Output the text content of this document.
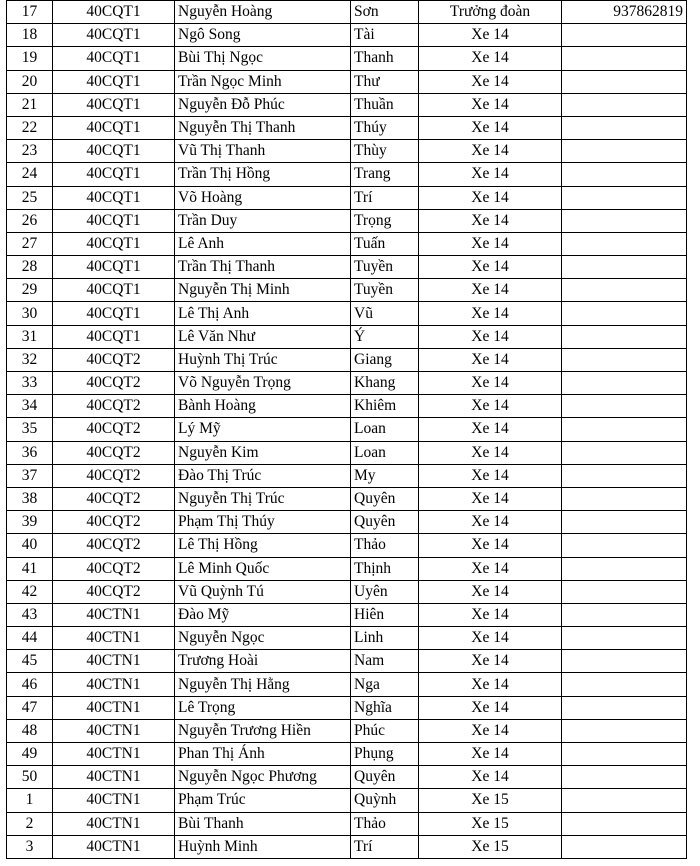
17	40CQT1	Nguyễn Hoàng	Sơn	Trưởng đoàn	937862819
18	40CQT1	Ngô Song	Tài	Xe 14	
19	40CQT1	Bùi Thị Ngọc	Thanh	Xe 14	
20	40CQT1	Trần Ngọc Minh	Thư	Xe 14	
21	40CQT1	Nguyễn Đỗ Phúc	Thuần	Xe 14	
22	40CQT1	Nguyễn Thị Thanh	Thúy	Xe 14	
23	40CQT1	Vũ Thị Thanh	Thùy	Xe 14	
24	40CQT1	Trần Thị Hồng	Trang	Xe 14	
25	40CQT1	Võ Hoàng	Trí	Xe 14	
26	40CQT1	Trần Duy	Trọng	Xe 14	
27	40CQT1	Lê Anh	Tuấn	Xe 14	
28	40CQT1	Trần Thị Thanh	Tuyền	Xe 14	
29	40CQT1	Nguyễn Thị Minh	Tuyền	Xe 14	
30	40CQT1	Lê Thị Anh	Vũ	Xe 14	
31	40CQT1	Lê Văn Như	Ý	Xe 14	
32	40CQT2	Huỳnh Thị Trúc	Giang	Xe 14	
33	40CQT2	Võ Nguyễn Trọng	Khang	Xe 14	
34	40CQT2	Bành Hoàng	Khiêm	Xe 14	
35	40CQT2	Lý Mỹ	Loan	Xe 14	
36	40CQT2	Nguyễn Kim	Loan	Xe 14	
37	40CQT2	Đào Thị Trúc	My	Xe 14	
38	40CQT2	Nguyễn Thị Trúc	Quyên	Xe 14	
39	40CQT2	Phạm Thị Thúy	Quyên	Xe 14	
40	40CQT2	Lê Thị Hồng	Thảo	Xe 14	
41	40CQT2	Lê Minh Quốc	Thịnh	Xe 14	
42	40CQT2	Vũ Quỳnh Tú	Uyên	Xe 14	
43	40CTN1	Đào Mỹ	Hiên	Xe 14	
44	40CTN1	Nguyễn Ngọc	Linh	Xe 14	
45	40CTN1	Trương Hoài	Nam	Xe 14	
46	40CTN1	Nguyễn Thị Hằng	Nga	Xe 14	
47	40CTN1	Lê Trọng	Nghĩa	Xe 14	
48	40CTN1	Nguyễn Trương Hiền	Phúc	Xe 14	
49	40CTN1	Phan Thị Ánh	Phụng	Xe 14	
50	40CTN1	Nguyễn Ngọc Phương	Quyên	Xe 14	
1	40CTN1	Phạm Trúc	Quỳnh	Xe 15	
2	40CTN1	Bùi Thanh	Thảo	Xe 15	
3	40CTN1	Huỳnh Minh	Trí	Xe 15	
